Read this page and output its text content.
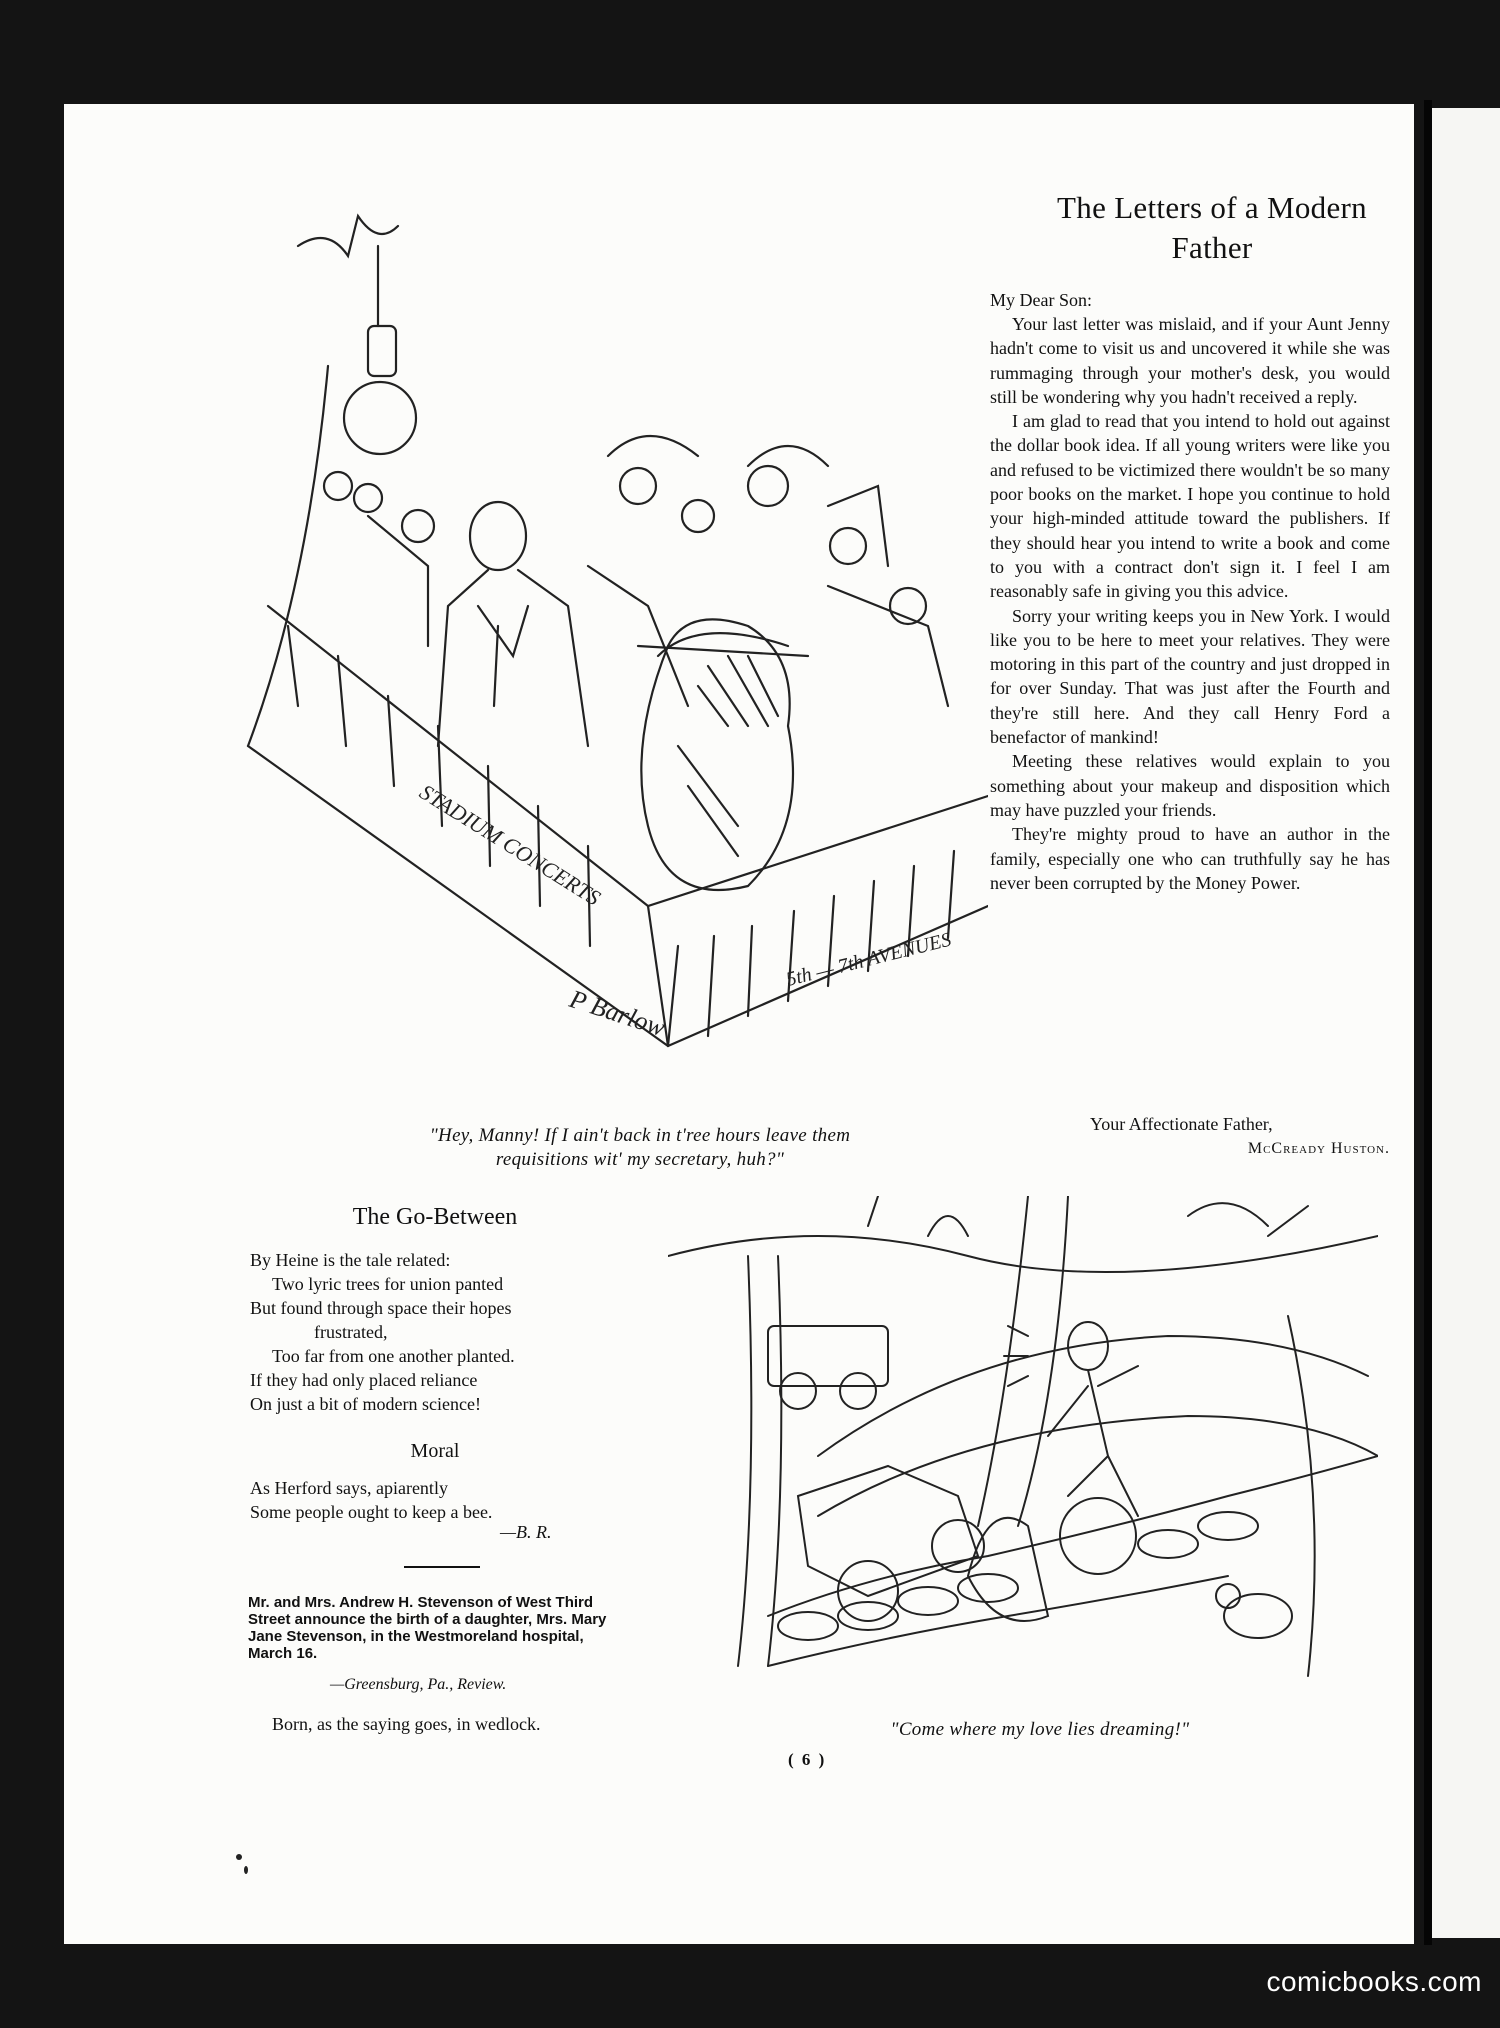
STADIUM CONCERTS
5th — 7th AVENUES
P Barlow
"Hey, Manny! If I ain't back in t'ree hours leave them
requisitions wit' my secretary, huh?"
The Letters of a Modern
Father
My Dear Son:

Your last letter was mislaid, and if your Aunt Jenny hadn't come to visit us and uncovered it while she was rummaging through your mother's desk, you would still be wondering why you hadn't received a reply.

I am glad to read that you intend to hold out against the dollar book idea. If all young writers were like you and refused to be victimized there wouldn't be so many poor books on the market. I hope you continue to hold your high-minded attitude toward the publishers. If they should hear you intend to write a book and come to you with a contract don't sign it. I feel I am reasonably safe in giving you this advice.

Sorry your writing keeps you in New York. I would like you to be here to meet your relatives. They were motoring in this part of the country and just dropped in for over Sunday. That was just after the Fourth and they're still here. And they call Henry Ford a benefactor of mankind!

Meeting these relatives would explain to you something about your makeup and disposition which may have puzzled your friends.

They're mighty proud to have an author in the family, especially one who can truthfully say he has never been corrupted by the Money Power.

Your Affectionate Father,
McCready Huston.
The Go-Between
By Heine is the tale related:
Two lyric trees for union panted
But found through space their hopes
frustrated,
Too far from one another planted.
If they had only placed reliance
On just a bit of modern science!
Moral
As Herford says, apiarently
Some people ought to keep a bee.
—B. R.
Mr. and Mrs. Andrew H. Stevenson of West Third Street announce the birth of a daughter, Mrs. Mary Jane Stevenson, in the Westmoreland hospital, March 16.
—Greensburg, Pa., Review.
Born, as the saying goes, in wedlock.	"Come where my love lies dreaming!"
( 6 )
comicbooks.com
